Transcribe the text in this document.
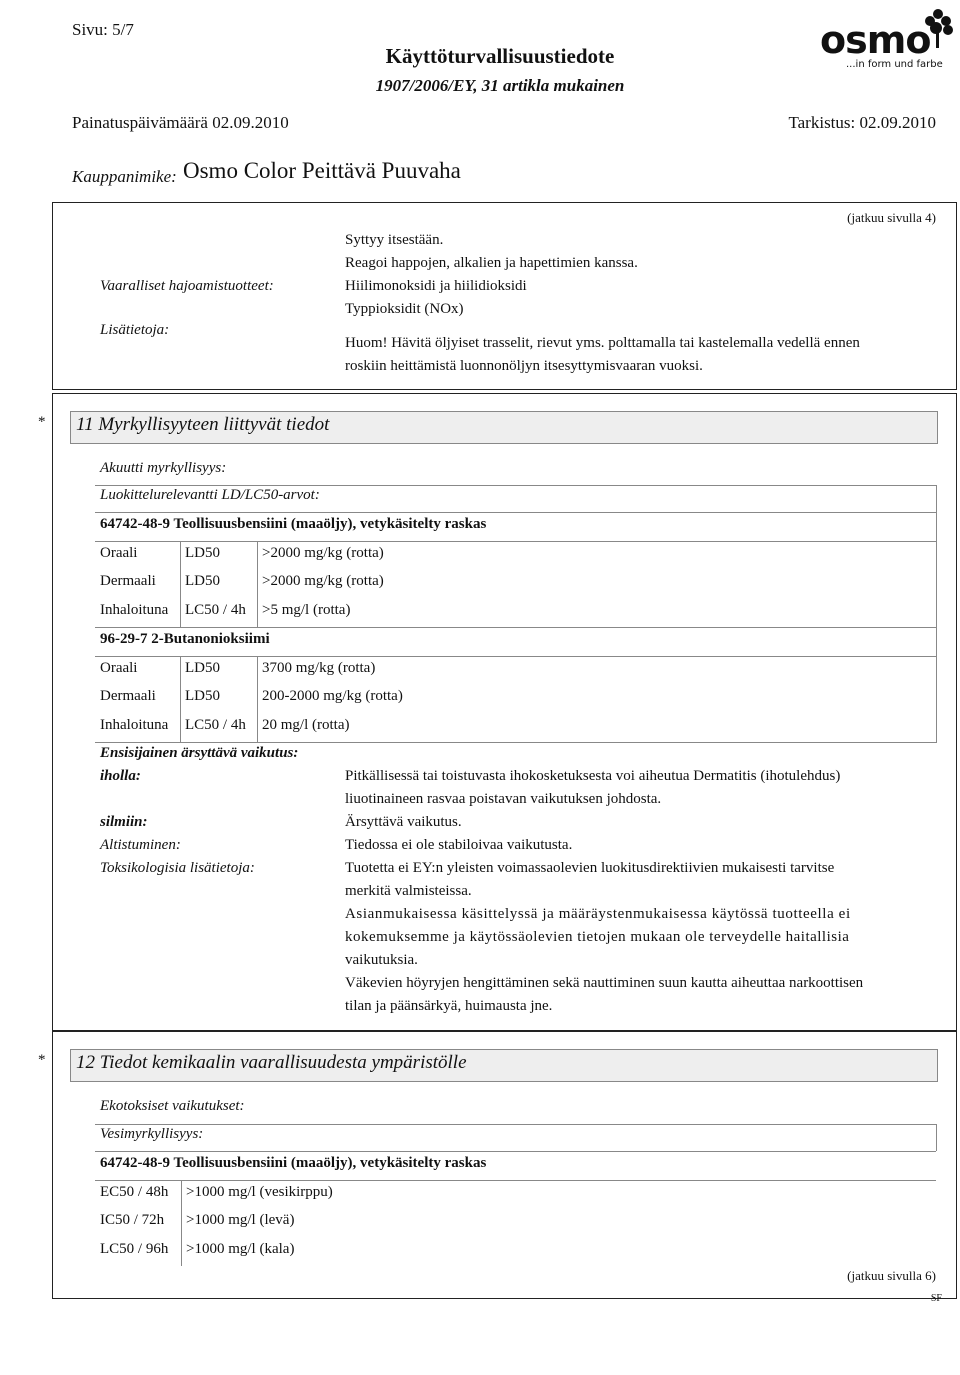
Sivu: 5/7
Käyttöturvallisuustiedote
1907/2006/EY, 31 artikla mukainen
osmo
...in form und farbe
Painatuspäivämäärä 02.09.2010	Tarkistus: 02.09.2010
Kauppanimike: Osmo Color Peittävä Puuvaha
(jatkuu sivulla 4)
Syttyy itsestään.
Reagoi happojen, alkalien ja hapettimien kanssa.
Vaaralliset hajoamistuotteet:	Hiilimonoksidi ja hiilidioksidi
Typpioksidit (NOx)
Lisätietoja:
Huom! Hävitä öljyiset trasselit, rievut yms. polttamalla tai kastelemalla vedellä ennen
roskiin heittämistä luonnonöljyn itsesyttymisvaaran vuoksi.
* 11 Myrkyllisyyteen liittyvät tiedot
Akuutti myrkyllisyys:
Luokittelurelevantti LD/LC50-arvot:
64742-48-9 Teollisuusbensiini (maaöljy), vetykäsitelty raskas
Oraali	LD50	>2000 mg/kg (rotta)
Dermaali LD50	>2000 mg/kg (rotta)
Inhaloituna LC50 / 4h >5 mg/l (rotta)
96-29-7 2-Butanonioksiimi
Oraali	LD50	3700 mg/kg (rotta)
Dermaali LD50	200-2000 mg/kg (rotta)
Inhaloituna LC50 / 4h 20 mg/l (rotta)
Ensisijainen ärsyttävä vaikutus:
iholla:	Pitkällisessä tai toistuvasta ihokosketuksesta voi aiheutua Dermatitis (ihotulehdus)
liuotinaineen rasvaa poistavan vaikutuksen johdosta.
silmiin:	Ärsyttävä vaikutus.
Altistuminen:	Tiedossa ei ole stabiloivaa vaikutusta.
Toksikologisia lisätietoja:	Tuotetta ei EY:n yleisten voimassaolevien luokitusdirektiivien mukaisesti tarvitse
merkitä valmisteissa.
Asianmukaisessa käsittelyssä ja määräystenmukaisessa käytössä tuotteella ei
kokemuksemme ja käytössäolevien tietojen mukaan ole terveydelle haitallisia
vaikutuksia.
Väkevien höyryjen hengittäminen sekä nauttiminen suun kautta aiheuttaa narkoottisen
tilan ja päänsärkyä, huimausta jne.
* 12 Tiedot kemikaalin vaarallisuudesta ympäristölle
Ekotoksiset vaikutukset:
Vesimyrkyllisyys:
64742-48-9 Teollisuusbensiini (maaöljy), vetykäsitelty raskas
EC50 / 48h >1000 mg/l (vesikirppu)
IC50 / 72h >1000 mg/l (levä)
LC50 / 96h >1000 mg/l (kala)
(jatkuu sivulla 6)
SF
